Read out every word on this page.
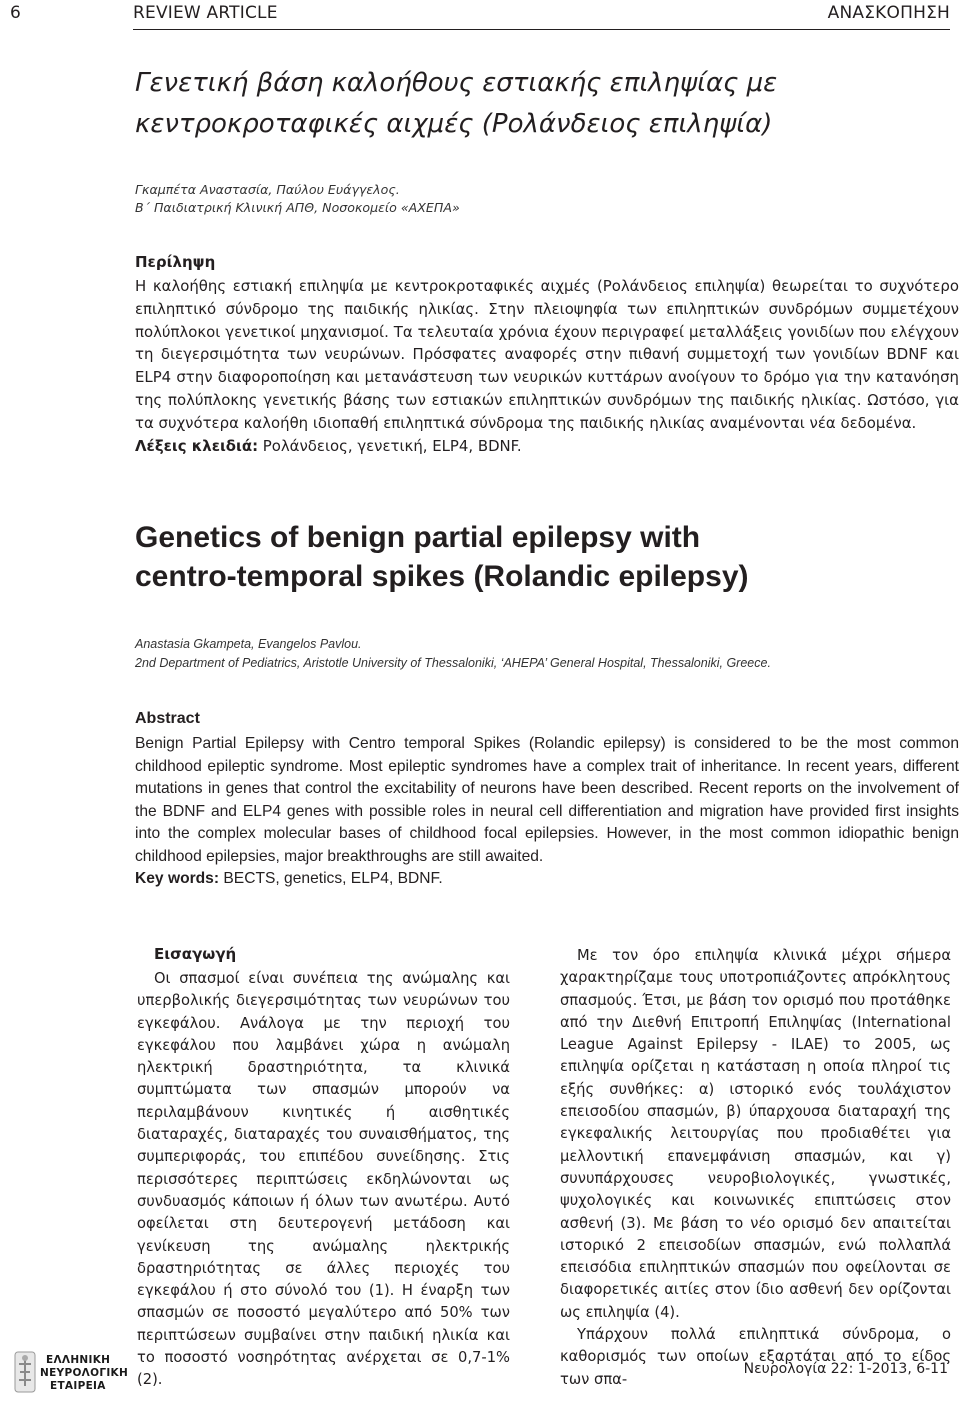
6	REVIEW ARTICLE	ΑΝΑΣΚΟΠΗΣΗ
Γενετική βάση καλοήθους εστιακής επιληψίας με
κεντροκροταφικές αιχμές (Ρολάνδειος επιληψία)
Γκαμπέτα Αναστασία, Παύλου Ευάγγελος.
Β΄ Παιδιατρική Κλινική ΑΠΘ, Νοσοκομείο «ΑΧΕΠΑ»
Περίληψη
Η καλοήθης εστιακή επιληψία με κεντροκροταφικές αιχμές (Ρολάνδειος επιληψία) θεωρείται το συχνότερο επιληπτικό σύνδρομο της παιδικής ηλικίας. Στην πλειοψηφία των επιληπτικών συνδρόμων συμμετέχουν πολύπλοκοι γενετικοί μηχανισμοί. Τα τελευταία χρόνια έχουν περιγραφεί μεταλλάξεις γονιδίων που ελέγχουν τη διεγερσιμότητα των νευρώνων. Πρόσφατες αναφορές στην πιθανή συμμετοχή των γονιδίων BDNF και ELP4 στην διαφοροποίηση και μετανάστευση των νευρικών κυττάρων ανοίγουν το δρόμο για την κατανόηση της πολύπλοκης γενετικής βάσης των εστιακών επιληπτικών συνδρόμων της παιδικής ηλικίας. Ωστόσο, για τα συχνότερα καλοήθη ιδιοπαθή επιληπτικά σύνδρομα της παιδικής ηλικίας αναμένονται νέα δεδομένα.
Λέξεις κλειδιά: Ρολάνδειος, γενετική, ELP4, BDNF.
Genetics of benign partial epilepsy with
centro-temporal spikes (Rolandic epilepsy)
Anastasia Gkampeta, Evangelos Pavlou.
2nd Department of Pediatrics, Aristotle University of Thessaloniki, ‘AHEPA’ General Hospital, Thessaloniki, Greece.
Abstract
Benign Partial Epilepsy with Centro temporal Spikes (Rolandic epilepsy) is considered to be the most common childhood epileptic syndrome. Most epileptic syndromes have a complex trait of inheritance. In recent years, different mutations in genes that control the excitability of neurons have been described. Recent reports on the involvement of the BDNF and ELP4 genes with possible roles in neural cell differentiation and migration have provided first insights into the complex molecular bases of childhood focal epilepsies. However, in the most common idiopathic benign childhood epilepsies, major breakthroughs are still awaited.
Key words: BECTS, genetics, ELP4, BDNF.
Εισαγωγή

Οι σπασμοί είναι συνέπεια της ανώμαλης και υπερβολικής διεγερσιμότητας των νευρώνων του εγκεφάλου. Ανάλογα με την περιοχή του εγκεφάλου που λαμβάνει χώρα η ανώμαλη ηλεκτρική δραστηριότητα, τα κλινικά συμπτώματα των σπασμών μπορούν να περιλαμβάνουν κινητικές ή αισθητικές διαταραχές, διαταραχές του συναισθήματος, της συμπεριφοράς, του επιπέδου συνείδησης. Στις περισσότερες περιπτώσεις εκδηλώνονται ως συνδυασμός κάποιων ή όλων των ανωτέρω. Αυτό οφείλεται στη δευτερογενή μετάδοση και γενίκευση της ανώμαλης ηλεκτρικής δραστηριότητας σε άλλες περιοχές του εγκεφάλου ή στο σύνολό του (1). Η έναρξη των σπασμών σε ποσοστό μεγαλύτερο από 50% των περιπτώσεων συμβαίνει στην παιδική ηλικία και το ποσοστό νοσηρότητας ανέρχεται σε 0,7-1% (2).

Με τον όρο επιληψία κλινικά μέχρι σήμερα χαρακτηρίζαμε τους υποτροπιάζοντες απρόκλητους σπασμούς. Έτσι, με βάση τον ορισμό που προτάθηκε από την Διεθνή Επιτροπή Επιληψίας (International League Against Epilepsy - ILAE) το 2005, ως επιληψία ορίζεται η κατάσταση η οποία πληροί τις εξής συνθήκες: α) ιστορικό ενός τουλάχιστον επεισοδίου σπασμών, β) ύπαρχουσα διαταραχή της εγκεφαλικής λειτουργίας που προδιαθέτει για μελλοντική επανεμφάνιση σπασμών, και γ) συνυπάρχουσες νευροβιολογικές, γνωστικές, ψυχολογικές και κοινωνικές επιπτώσεις στον ασθενή (3). Με βάση το νέο ορισμό δεν απαιτείται ιστορικό 2 επεισοδίων σπασμών, ενώ πολλαπλά επεισόδια επιληπτικών σπασμών που οφείλονται σε διαφορετικές αιτίες στον ίδιο ασθενή δεν ορίζονται ως επιληψία (4).

Υπάρχουν πολλά επιληπτικά σύνδρομα, ο καθορισμός των οποίων εξαρτάται από το είδος των σπα-

ΕΛΛΗΝΙΚΗ
ΝΕΥΡΟΛΟΓΙΚΗ
ΕΤΑΙΡΕΙΑ
Νευρολογία 22: 1-2013, 6-11
